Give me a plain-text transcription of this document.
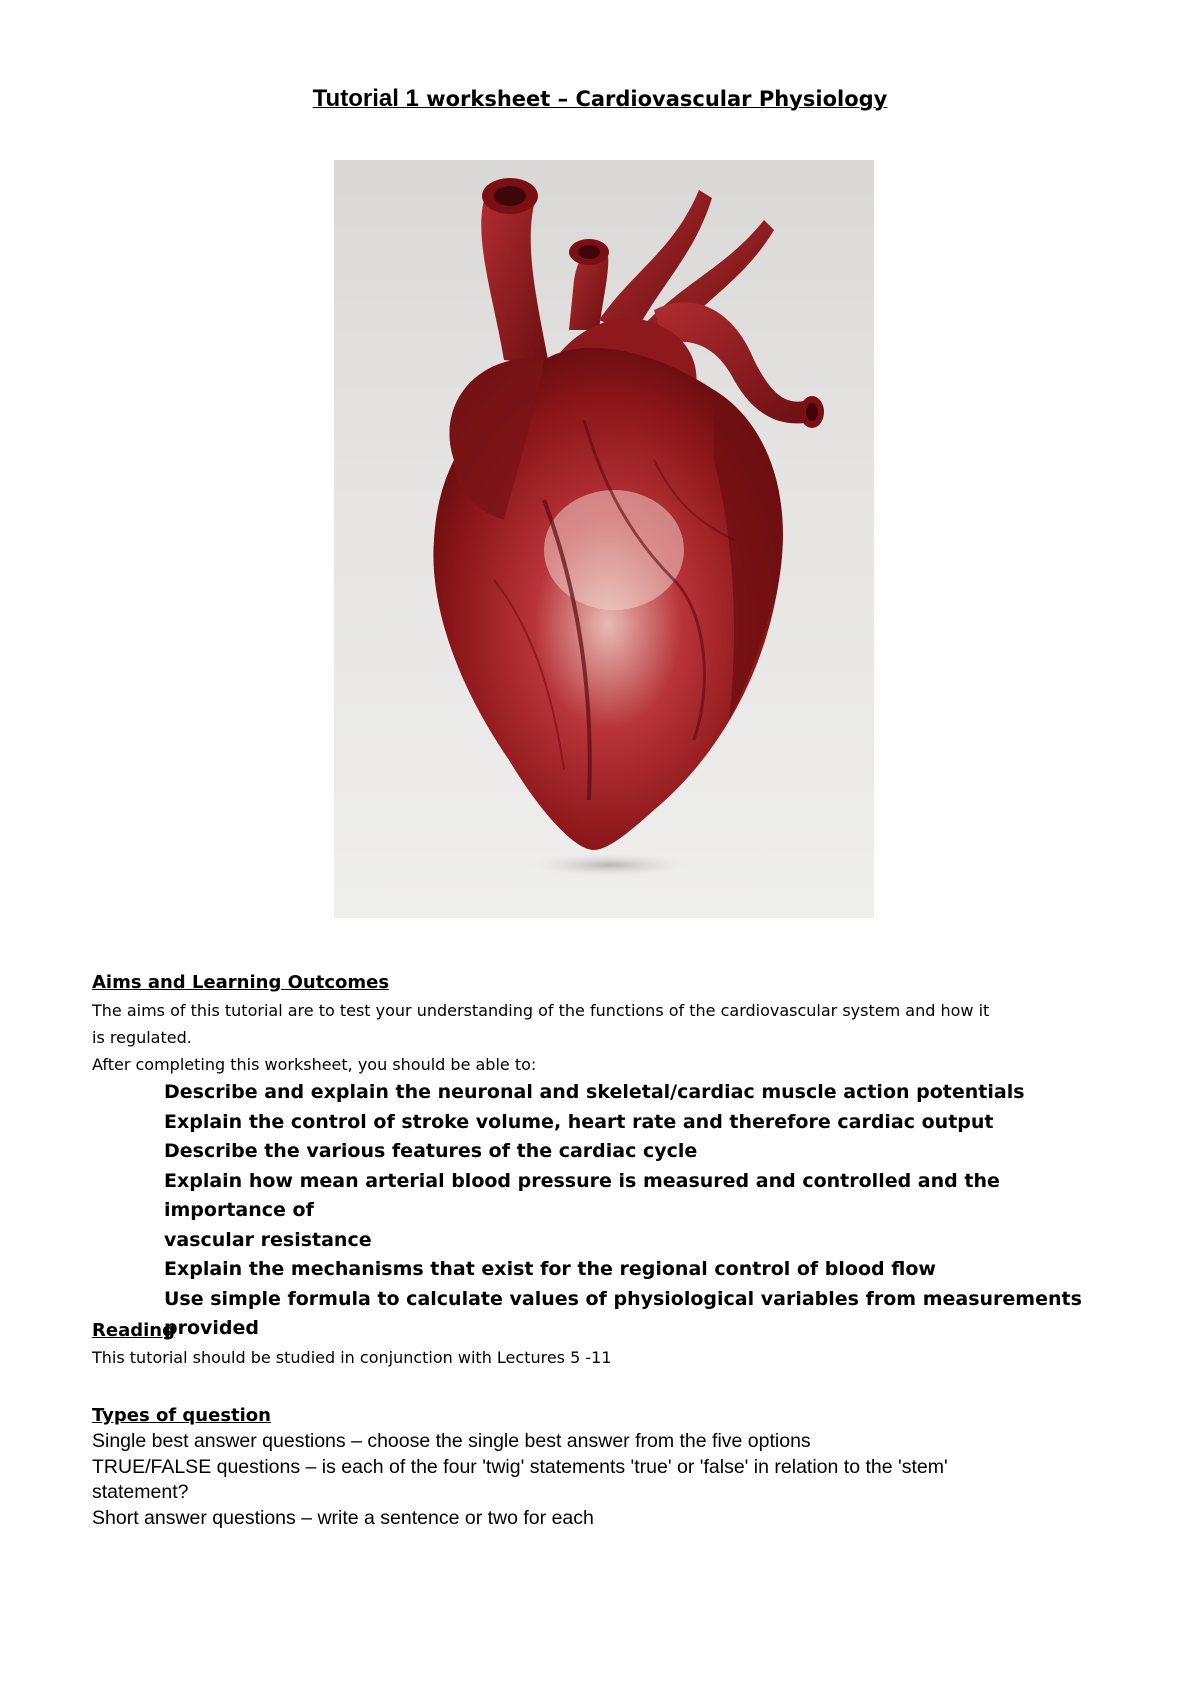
Tutorial 1 worksheet – Cardiovascular Physiology

Aims and Learning Outcomes

The aims of this tutorial are to test your understanding of the functions of the cardiovascular system and how it

is regulated.

After completing this worksheet, you should be able to:

Describe and explain the neuronal and skeletal/cardiac muscle action potentials
Explain the control of stroke volume, heart rate and therefore cardiac output
Describe the various features of the cardiac cycle
Explain how mean arterial blood pressure is measured and controlled and the importance of
vascular resistance
Explain the mechanisms that exist for the regional control of blood flow
Use simple formula to calculate values of physiological variables from measurements provided

Reading

This tutorial should be studied in conjunction with Lectures 5 -11

Types of question

Single best answer questions – choose the single best answer from the five options

TRUE/FALSE questions – is each of the four 'twig' statements 'true' or 'false' in relation to the 'stem'

statement?

Short answer questions – write a sentence or two for each
